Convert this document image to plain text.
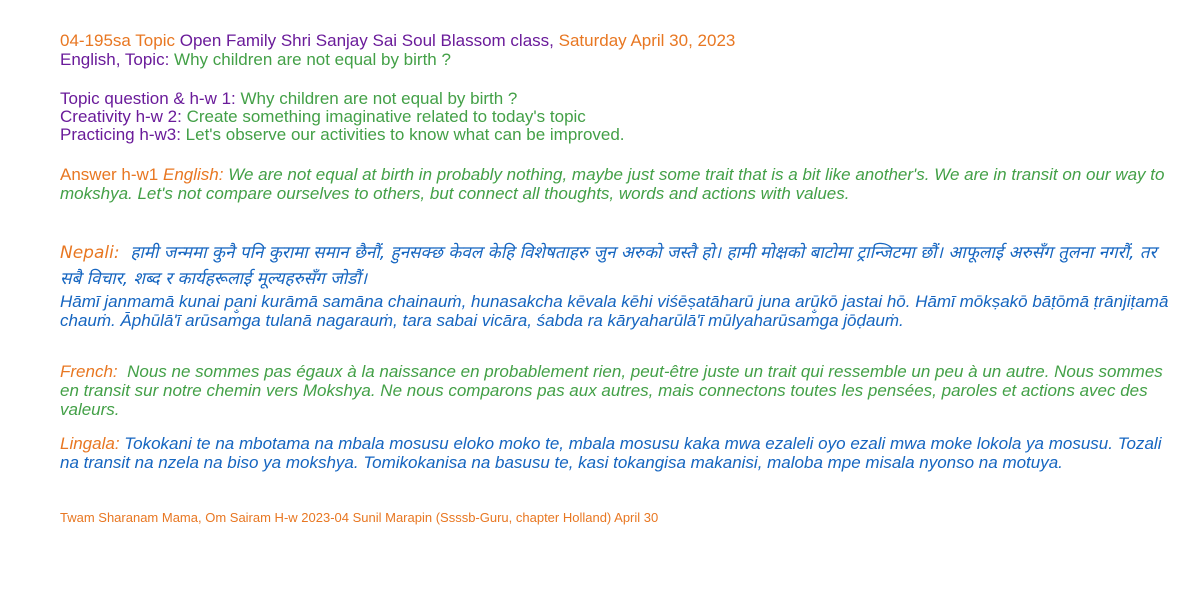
04-195sa Topic Open Family Shri Sanjay Sai Soul Blassom class, Saturday April 30, 2023
English, Topic: Why children are not equal by birth ?
Topic question & h-w 1: Why children are not equal by birth ?
Creativity h-w 2: Create something imaginative related to today's topic
Practicing h-w3: Let's observe our activities to know what can be improved.
Answer h-w1 English: We are not equal at birth in probably nothing, maybe just some trait that is a bit like another's. We are in transit on our way to mokshya. Let's not compare ourselves to others, but connect all thoughts, words and actions with values.
Nepali: हामी जन्ममा कुनै पनि कुरामा समान छैनौं, हुनसक्छ केवल केहि विशेषताहरु जुन अरुको जस्तै हो। हामी मोक्षको बाटोमा ट्रान्जिटमा छौं। आफूलाई अरुसँग तुलना नगरौं, तर सबै विचार, शब्द र कार्यहरूलाई मूल्यहरुसँग जोडौं।
Hāmī janmamā kunai pani kurāmā samāna chainauṁ, hunasakcha kēvala kēhi viśēṣatāharū juna arūkō jastai hō. Hāmī mōkṣakō bāṭōmā ṭrānjiṭamā chauṁ. Āphūlā'ī arūsam̐ga tulanā nagarauṁ, tara sabai vicāra, śabda ra kāryaharūlā'ī mūlyaharūsam̐ga jōḍauṁ.
French: Nous ne sommes pas égaux à la naissance en probablement rien, peut-être juste un trait qui ressemble un peu à un autre. Nous sommes en transit sur notre chemin vers Mokshya. Ne nous comparons pas aux autres, mais connectons toutes les pensées, paroles et actions avec des valeurs.
Lingala: Tokokani te na mbotama na mbala mosusu eloko moko te, mbala mosusu kaka mwa ezaleli oyo ezali mwa moke lokola ya mosusu. Tozali na transit na nzela na biso ya mokshya. Tomikokanisa na basusu te, kasi tokangisa makanisi, maloba mpe misala nyonso na motuya.
Twam Sharanam Mama, Om Sairam H-w 2023-04 Sunil Marapin (Ssssb-Guru, chapter Holland) April 30
